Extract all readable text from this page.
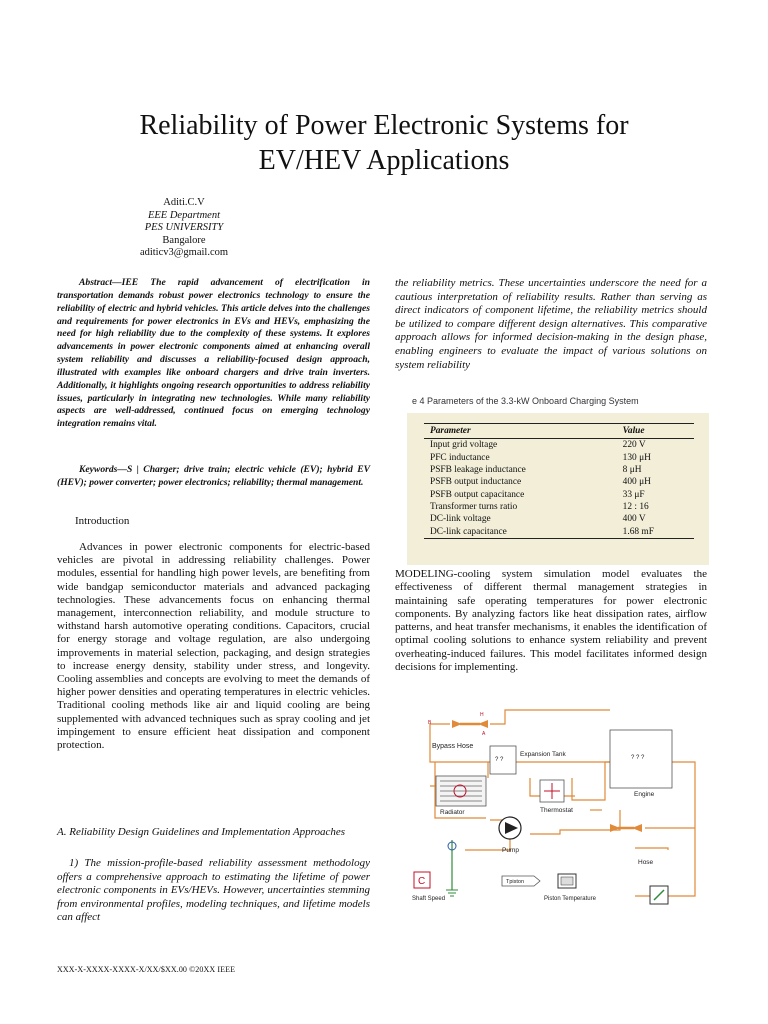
Reliability of Power Electronic Systems for
EV/HEV Applications
Aditi.C.V
EEE Department
PES UNIVERSITY
Bangalore
aditicv3@gmail.com
Abstract—IEE The rapid advancement of electrification in transportation demands robust power electronics technology to ensure the reliability of electric and hybrid vehicles. This article delves into the challenges and requirements for power electronics in EVs and HEVs, emphasizing the need for high reliability due to the complexity of these systems. It explores advancements in power electronic components aimed at enhancing overall system reliability and discusses a reliability-focused design approach, illustrated with examples like onboard chargers and drive train inverters. Additionally, it highlights ongoing research opportunities to address reliability issues, particularly in integrating new technologies. While many reliability aspects are well-addressed, continued focus on emerging technology integration remains vital.
Keywords—S | Charger; drive train; electric vehicle (EV); hybrid EV (HEV); power converter; power electronics; reliability; thermal management.
Introduction
Advances in power electronic components for electric-based vehicles are pivotal in addressing reliability challenges. Power modules, essential for handling high power levels, are benefiting from wide bandgap semiconductor materials and advanced packaging technologies. These advancements focus on enhancing thermal management, interconnection reliability, and module structure to withstand harsh automotive operating conditions. Capacitors, crucial for energy storage and voltage regulation, are also undergoing improvements in material selection, packaging, and design strategies to increase energy density, stability under stress, and longevity. Cooling assemblies and concepts are evolving to meet the demands of higher power densities and operating temperatures in electric vehicles. Traditional cooling methods like air and liquid cooling are being supplemented with advanced techniques such as spray cooling and jet impingement to ensure efficient heat dissipation and component protection.
A. Reliability Design Guidelines and Implementation Approaches
1) The mission-profile-based reliability assessment methodology offers a comprehensive approach to estimating the lifetime of power electronic components in EVs/HEVs. However, uncertainties stemming from environmental profiles, modeling techniques, and lifetime models can affect
the reliability metrics. These uncertainties underscore the need for a cautious interpretation of reliability results. Rather than serving as direct indicators of component lifetime, the reliability metrics should be utilized to compare different design alternatives. This comparative approach allows for informed decision-making in the design phase, enabling engineers to evaluate the impact of various solutions on system reliability
e 4 Parameters of the 3.3-kW Onboard Charging System
Parameter	Value
Input grid voltage	220 V
PFC inductance	130 μH
PSFB leakage inductance	8 μH
PSFB output inductance	400 μH
PSFB output capacitance	33 μF
Transformer turns ratio	12 : 16
DC-link voltage	400 V
DC-link capacitance	1.68 mF
MODELING-cooling system simulation model evaluates the effectiveness of different thermal management strategies in maintaining safe operating temperatures for power electronic components. By analyzing factors like heat dissipation rates, airflow patterns, and heat transfer mechanisms, it enables the identification of optimal cooling solutions to enhance system reliability and prevent overheating-induced failures. This model facilitates informed design decisions for implementing.
B
H
A
Bypass Hose
? ?
Expansion Tank	? ? ?
Engine
Radiator	Thermostat
Pump
Hose
C
Shaft Speed
Tpiston
Piston Temperature
XXX-X-XXXX-XXXX-X/XX/$XX.00 ©20XX IEEE
